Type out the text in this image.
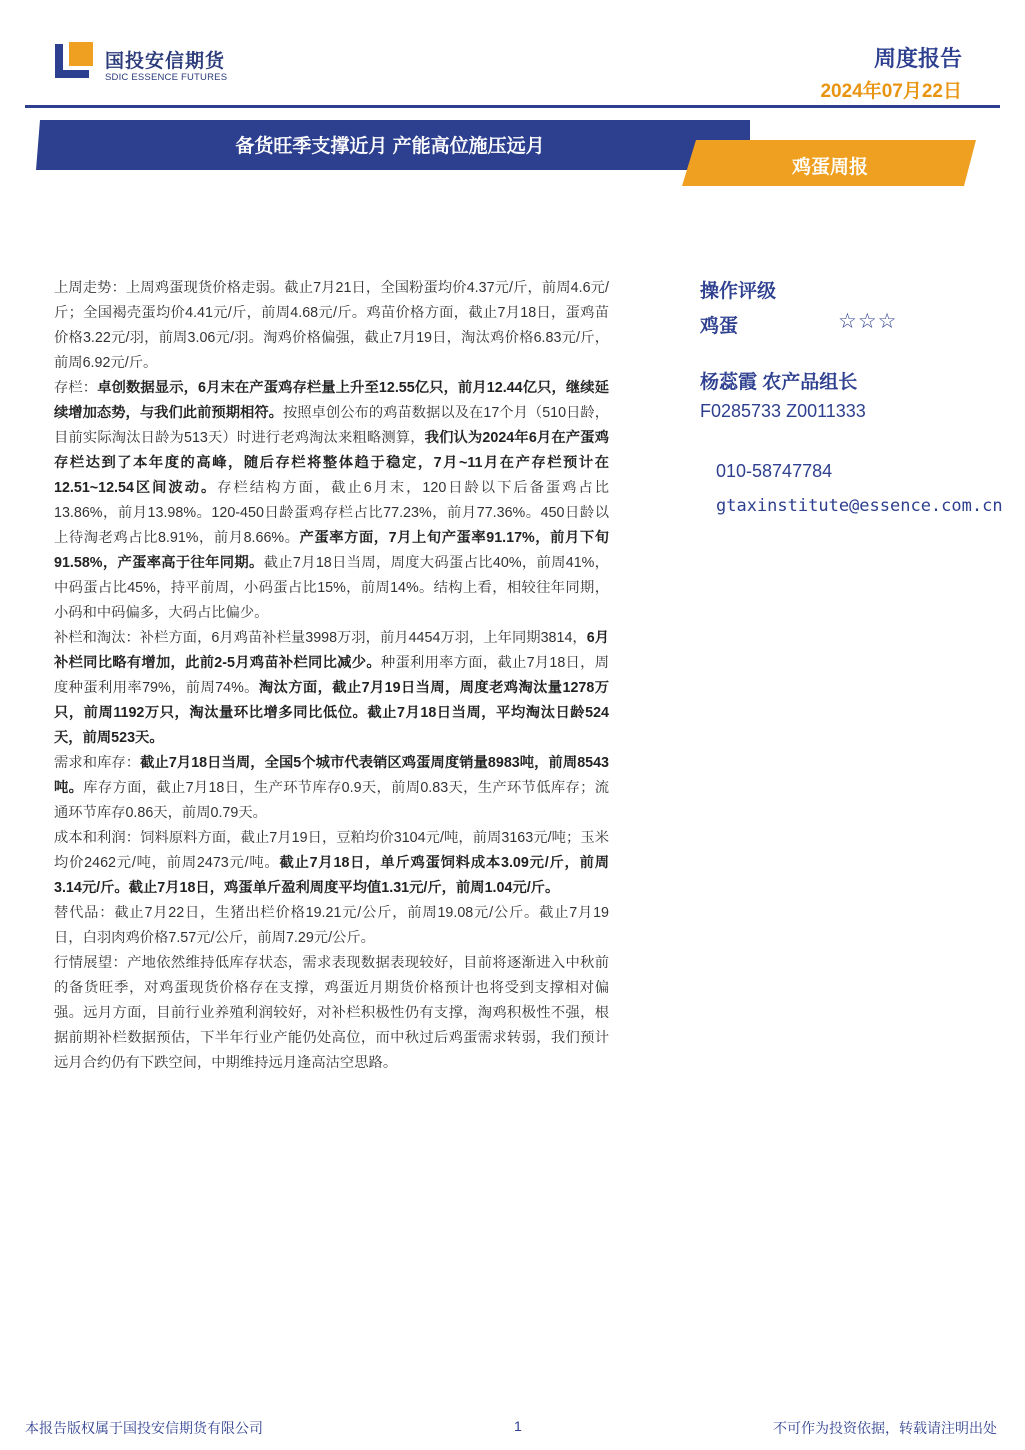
国投安信期货
SDIC ESSENCE FUTURES
周度报告
2024年07月22日
备货旺季支撑近月 产能高位施压远月
鸡蛋周报

上周走势：上周鸡蛋现货价格走弱。截止7月21日，全国粉蛋均价4.37元/斤，前周4.6元/斤；全国褐壳蛋均价4.41元/斤，前周4.68元/斤。鸡苗价格方面，截止7月18日，蛋鸡苗价格3.22元/羽，前周3.06元/羽。淘鸡价格偏强，截止7月19日，淘汰鸡价格6.83元/斤，前周6.92元/斤。

存栏：卓创数据显示，6月末在产蛋鸡存栏量上升至12.55亿只，前月12.44亿只，继续延续增加态势，与我们此前预期相符。按照卓创公布的鸡苗数据以及在17个月（510日龄，目前实际淘汰日龄为513天）时进行老鸡淘汰来粗略测算，我们认为2024年6月在产蛋鸡存栏达到了本年度的高峰，随后存栏将整体趋于稳定，7月~11月在产存栏预计在12.51~12.54区间波动。存栏结构方面，截止6月末，120日龄以下后备蛋鸡占比13.86%，前月13.98%。120-450日龄蛋鸡存栏占比77.23%，前月77.36%。450日龄以上待淘老鸡占比8.91%，前月8.66%。产蛋率方面，7月上旬产蛋率91.17%，前月下旬91.58%，产蛋率高于往年同期。截止7月18日当周，周度大码蛋占比40%，前周41%，中码蛋占比45%，持平前周，小码蛋占比15%，前周14%。结构上看，相较往年同期，小码和中码偏多，大码占比偏少。

补栏和淘汰：补栏方面，6月鸡苗补栏量3998万羽，前月4454万羽，上年同期3814，6月补栏同比略有增加，此前2-5月鸡苗补栏同比减少。种蛋利用率方面，截止7月18日，周度种蛋利用率79%，前周74%。淘汰方面，截止7月19日当周，周度老鸡淘汰量1278万只，前周1192万只，淘汰量环比增多同比低位。截止7月18日当周，平均淘汰日龄524天，前周523天。

需求和库存：截止7月18日当周，全国5个城市代表销区鸡蛋周度销量8983吨，前周8543吨。库存方面，截止7月18日，生产环节库存0.9天，前周0.83天，生产环节低库存；流通环节库存0.86天，前周0.79天。

成本和利润：饲料原料方面，截止7月19日，豆粕均价3104元/吨，前周3163元/吨；玉米均价2462元/吨，前周2473元/吨。截止7月18日，单斤鸡蛋饲料成本3.09元/斤，前周3.14元/斤。截止7月18日，鸡蛋单斤盈利周度平均值1.31元/斤，前周1.04元/斤。

替代品：截止7月22日，生猪出栏价格19.21元/公斤，前周19.08元/公斤。截止7月19日，白羽肉鸡价格7.57元/公斤，前周7.29元/公斤。

行情展望：产地依然维持低库存状态，需求表现数据表现较好，目前将逐渐进入中秋前的备货旺季，对鸡蛋现货价格存在支撑，鸡蛋近月期货价格预计也将受到支撑相对偏强。远月方面，目前行业养殖利润较好，对补栏积极性仍有支撑，淘鸡积极性不强，根据前期补栏数据预估，下半年行业产能仍处高位，而中秋过后鸡蛋需求转弱，我们预计远月合约仍有下跌空间，中期维持远月逢高沽空思路。

操作评级
鸡蛋	☆☆☆
杨蕊霞 农产品组长
F0285733 Z0011333
010-58747784
gtaxinstitute@essence.com.cn
本报告版权属于国投安信期货有限公司	1	不可作为投资依据，转载请注明出处
